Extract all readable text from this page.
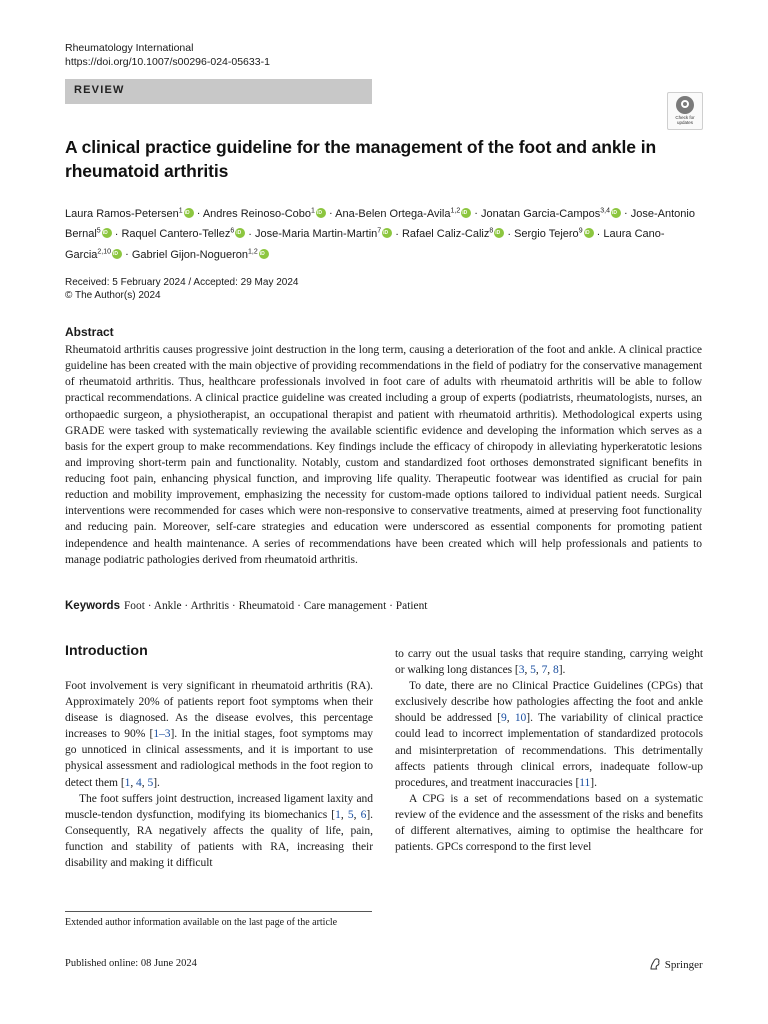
Rheumatology International
https://doi.org/10.1007/s00296-024-05633-1
REVIEW
Check for updates
A clinical practice guideline for the management of the foot and ankle in rheumatoid arthritis
Laura Ramos-Petersen$^1$iD · Andres Reinoso-Cobo$^1$iD · Ana-Belen Ortega-Avila$^{1,2}$iD · Jonatan Garcia-Campos$^{3,4}$iD · Jose-Antonio Bernal$^5$iD · Raquel Cantero-Tellez$^6$iD · Jose-Maria Martin-Martin$^7$iD · Rafael Caliz-Caliz$^8$iD · Sergio Tejero$^9$iD · Laura Cano-Garcia$^{2,10}$iD · Gabriel Gijon-Nogueron$^{1,2}$iD
Received: 5 February 2024 / Accepted: 29 May 2024
© The Author(s) 2024
Abstract
Rheumatoid arthritis causes progressive joint destruction in the long term, causing a deterioration of the foot and ankle. A clinical practice guideline has been created with the main objective of providing recommendations in the field of podiatry for the conservative management of rheumatoid arthritis. Thus, healthcare professionals involved in foot care of adults with rheumatoid arthritis will be able to follow practical recommendations. A clinical practice guideline was created including a group of experts (podiatrists, rheumatologists, nurses, an orthopaedic surgeon, a physiotherapist, an occupational therapist and patient with rheumatoid arthritis). Methodological experts using GRADE were tasked with systematically reviewing the available scientific evidence and developing the information which serves as a basis for the expert group to make recommendations. Key findings include the efficacy of chiropody in alleviating hyperkeratotic lesions and improving short-term pain and functionality. Notably, custom and standardized foot orthoses demonstrated significant benefits in reducing foot pain, enhancing physical function, and improving life quality. Therapeutic footwear was identified as crucial for pain reduction and mobility improvement, emphasizing the necessity for custom-made options tailored to individual patient needs. Surgical interventions were recommended for cases which were non-responsive to conservative treatments, aimed at preserving foot functionality and reducing pain. Moreover, self-care strategies and education were underscored as essential components for promoting patient independence and health maintenance. A series of recommendations have been created which will help professionals and patients to manage podiatric pathologies derived from rheumatoid arthritis.
Keywords Foot · Ankle · Arthritis · Rheumatoid · Care management · Patient
Introduction

Foot involvement is very significant in rheumatoid arthritis (RA). Approximately 20% of patients report foot symptoms when their disease is diagnosed. As the disease evolves, this percentage increases to 90% [1–3]. In the initial stages, foot symptoms may go unnoticed in clinical assessments, and it is important to use physical assessment and radiological methods in the foot region to detect them [1, 4, 5].

The foot suffers joint destruction, increased ligament laxity and muscle-tendon dysfunction, modifying its biomechanics [1, 5, 6]. Consequently, RA negatively affects the quality of life, pain, function and stability of patients with RA, increasing their disability and making it difficult

to carry out the usual tasks that require standing, carrying weight or walking long distances [3, 5, 7, 8].

To date, there are no Clinical Practice Guidelines (CPGs) that exclusively describe how pathologies affecting the foot and ankle should be addressed [9, 10]. The variability of clinical practice could lead to incorrect implementation of standardized protocols and misinterpretation of recommendations. This detrimentally affects patients through clinical errors, inadequate follow-up procedures, and treatment inaccuracies [11].

A CPG is a set of recommendations based on a systematic review of the evidence and the assessment of the risks and benefits of different alternatives, aiming to optimise the healthcare for patients. GPCs correspond to the first level

Extended author information available on the last page of the article
Published online: 08 June 2024	Springer
